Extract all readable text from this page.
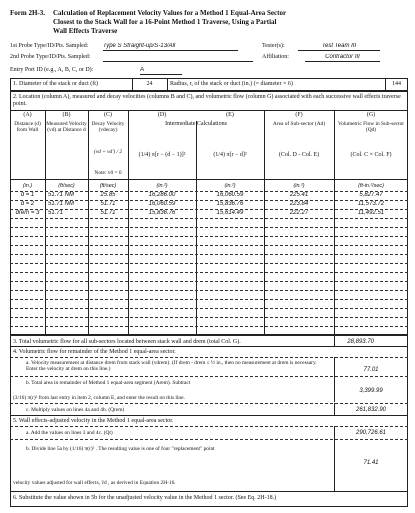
Form 2H-3. Calculation of Replacement Velocity Values for a Method 1 Equal-Area Sector
Closest to the Stack Wall for a 16-Point Method 1 Traverse, Using a Partial
Wall Effects Traverse
1st Probe Type/ID/Pts. Sampled:
Type S Straight-up/S-13/All	Tester(s):
Test Team III
2nd Probe Type/ID/Pts. Sampled:	Affiliation:
Contractor III
Entry Port ID (e.g., A, B, C, or D):
A
1. Diameter of the stack or duct (ft)	24	Radius, r, of the stack or duct (in.) (= diameter × 6)	144
2. Location (column A), measured and decay velocities (columns B and C), and volumetric flow (column G) associated with each successive wall effects traverse point.
(A)	(B)	(C)	(D)	(E)	(F)	(G)
Distance (d) from Wall
Measured Velocity (vd) at Distance d
Decay Velocity (vdecay)
Intermediate Calculations	Area of Sub-sector (Ad)	Volumetric Flow in Sub-sector (Qd)
(vd + vd′) / 2
Note: v0 = 0
(1/4) π[r − (d − 1)]²	(1/4) π[r − d]²	(Col. D - Col. E)	(Col. C × Col. F)
(in.)	(ft/sec)	(ft/sec)	(in.²)	(in.²)	(in.²)	(ft-in.²/sec)
d = 1	51.71 NM	25.85	16,286.00	16,060.59	225.41	5,827.47
d = 2	51.71 NM	51.71	16,060.59	15,836.76	223.84	11,573.72
drem = 3	51.71	51.71	15,836.76	15,614.49	222.27	11,492.51
3. Total volumetric flow for all sub-sectors located between stack wall and drem (total Col. G).	28,893.70
4. Volumetric flow for remainder of the Method 1 equal-area sector.
a. Velocity measurement at distance drem from stack wall (vdrem). (If drem - drem ≤ ½ in., then no measurement at drem is necessary. Enter the velocity at drem on this line.)	77.01
b. Total area in remainder of Method 1 equal-area segment (Arem). Subtract
(3/16) π(r)² from last entry in item 2, column E, and enter the result on this line.
3,399.99
c. Multiply values on lines 4a and 4b. (Qrem)	261,832.90
5. Wall effects-adjusted velocity in the Method 1 equal-area sector.
a. Add the values on lines 3 and 4c. (Qt)	290,726.61
b. Divide line 5a by (1/16) π(r)² . The resulting value is one of four "replacement" point
velocity values adjusted for wall effects, v̄d , as derived in Equation 2H-16.
71.41
6. Substitute the value shown in 5b for the unadjusted velocity value in the Method 1 sector. (See Eq. 2H-18.)
